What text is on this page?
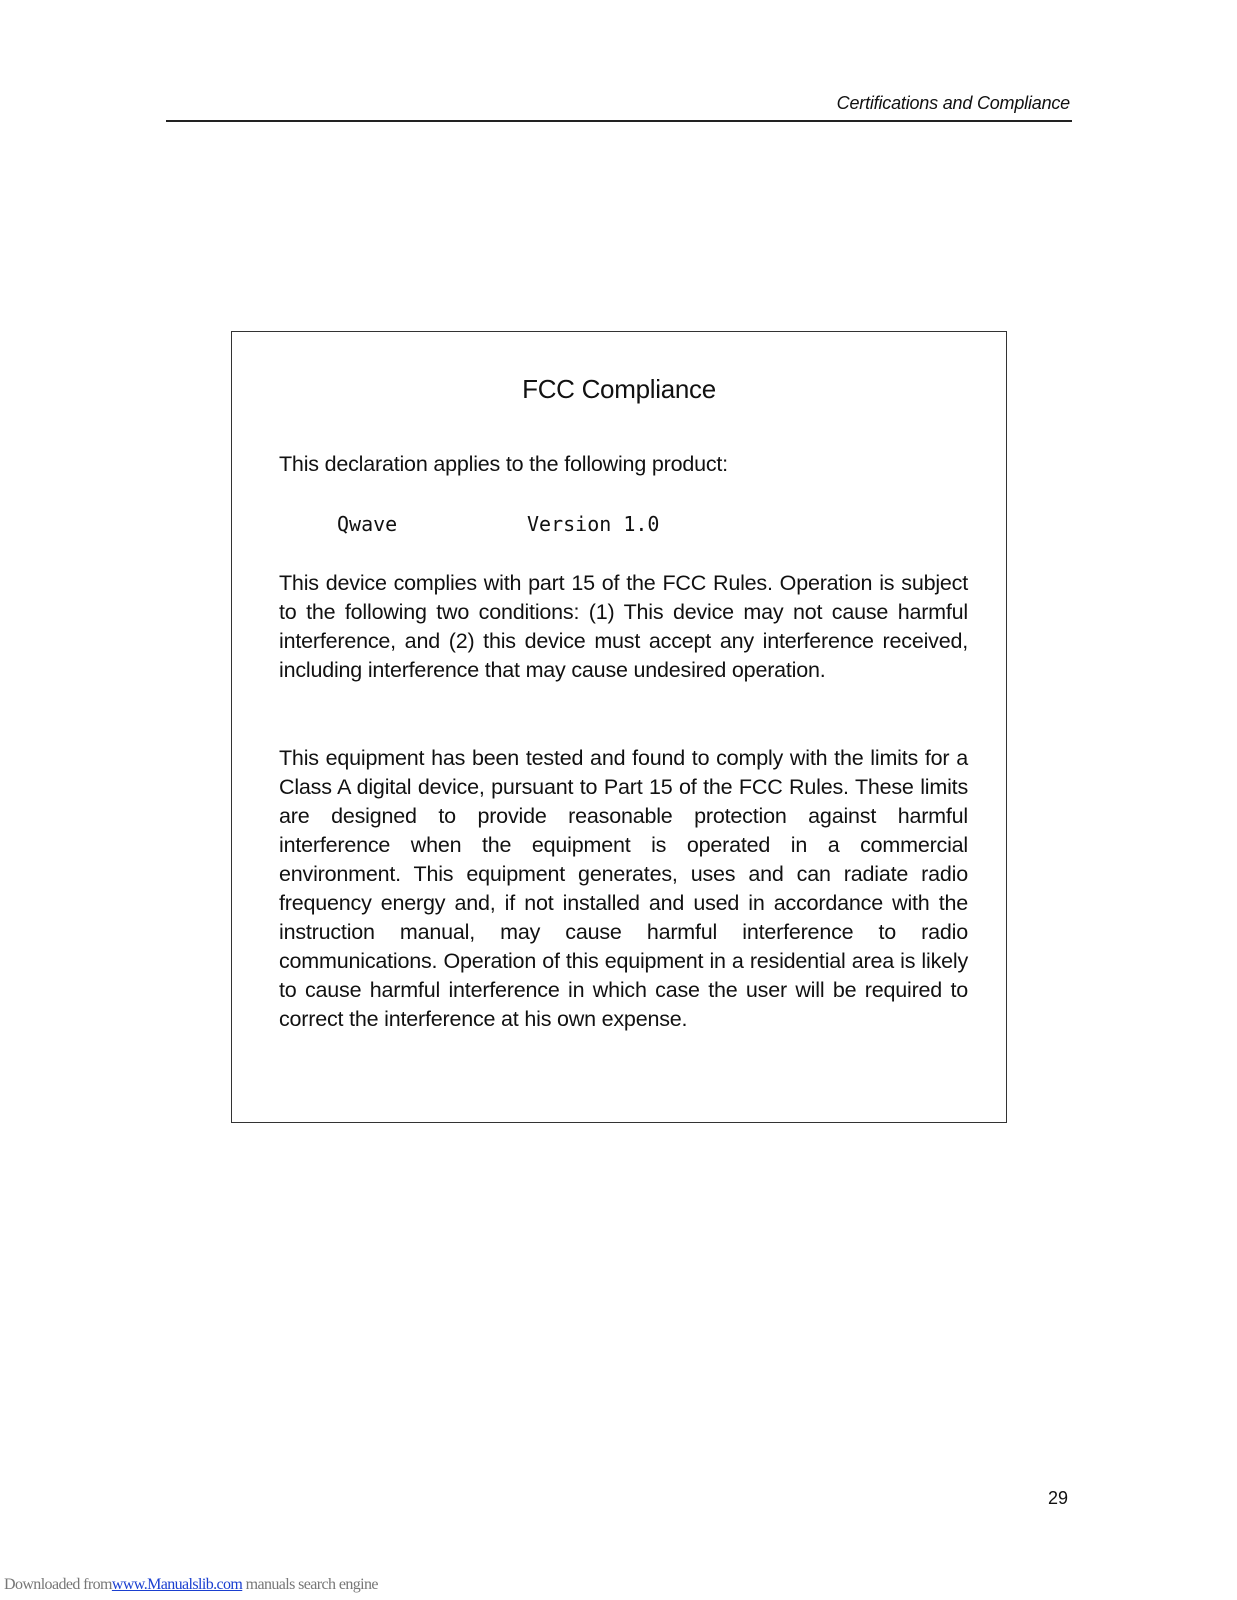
Certifications and Compliance
FCC Compliance
This declaration applies to the following product:
Qwave	Version 1.0

This device complies with part 15 of the FCC Rules. Operation is subject to the following two conditions: (1) This device may not cause harmful interference, and (2) this device must accept any interference received, including interference that may cause undesired operation.

This equipment has been tested and found to comply with the limits for a Class A digital device, pursuant to Part 15 of the FCC Rules. These limits are designed to provide reasonable protection against harmful interference when the equipment is operated in a commercial environment. This equipment generates, uses and can radiate radio frequency energy and, if not installed and used in accordance with the instruction manual, may cause harmful interference to radio communications. Operation of this equipment in a residential area is likely to cause harmful interference in which case the user will be required to correct the interference at his own expense.

29
Downloaded fromwww.Manualslib.com manuals search engine
